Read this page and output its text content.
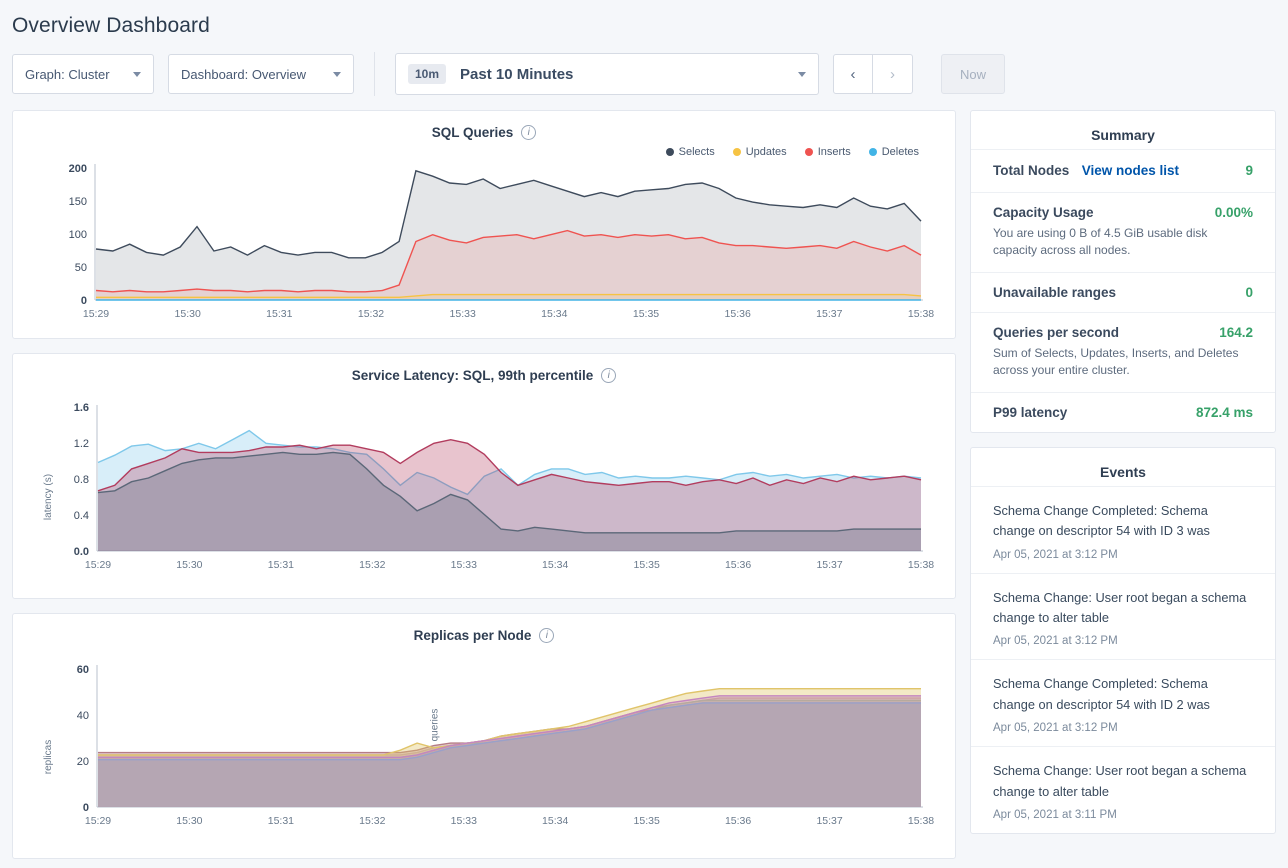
Overview Dashboard
Graph: Cluster	Dashboard: Overview	10m	Past 10 Minutes	‹	›	Now
SQL Queries	i
Selects	Updates	Inserts	Deletes
queries
200
150
100
50
0
15:29	15:30	15:31	15:32	15:33	15:34	15:35	15:36	15:37	15:38
Service Latency: SQL, 99th percentile	i
latency (s)
1.6
1.2
0.8
0.4
0.0
15:29	15:30	15:31	15:32	15:33	15:34	15:35	15:36	15:37	15:38
Replicas per Node	i
replicas
60
40
20
0
15:29	15:30	15:31	15:32	15:33	15:34	15:35	15:36	15:37	15:38
Summary
Total Nodes View nodes list	9
Capacity Usage	0.00%
You are using 0 B of 4.5 GiB usable disk capacity across all nodes.
Unavailable ranges	0
Queries per second	164.2
Sum of Selects, Updates, Inserts, and Deletes across your entire cluster.
P99 latency	872.4 ms
Events
Schema Change Completed: Schema change on descriptor 54 with ID 3 was
Apr 05, 2021 at 3:12 PM
Schema Change: User root began a schema change to alter table
Apr 05, 2021 at 3:12 PM
Schema Change Completed: Schema change on descriptor 54 with ID 2 was
Apr 05, 2021 at 3:12 PM
Schema Change: User root began a schema change to alter table
Apr 05, 2021 at 3:11 PM
